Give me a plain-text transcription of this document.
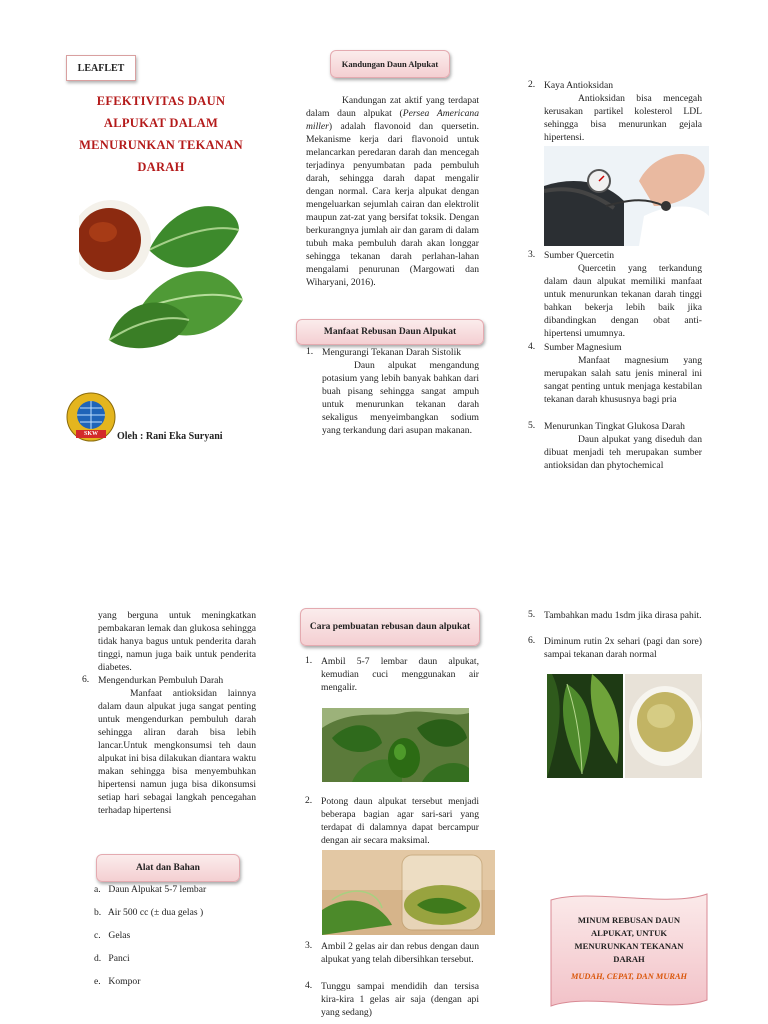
LEAFLET
EFEKTIVITAS DAUN
ALPUKAT DALAM
MENURUNKAN TEKANAN
DARAH
SKW	Oleh : Rani Eka Suryani
Kandungan Daun Alpukat
Kandungan zat aktif yang terdapat dalam daun alpukat (Persea Americana miller) adalah flavonoid dan quersetin. Mekanisme kerja dari flavonoid untuk melancarkan peredaran darah dan mencegah terjadinya penyumbatan pada pembuluh darah, sehingga darah dapat mengalir dengan normal. Cara kerja alpukat dengan mengeluarkan sejumlah cairan dan elektrolit maupun zat-zat yang bersifat toksik. Dengan berkurangnya jumlah air dan garam di dalam tubuh maka pembuluh darah akan longgar sehingga tekanan darah perlahan-lahan mengalami penurunan (Margowati dan Wiharyani, 2016).
Manfaat Rebusan Daun Alpukat
1. Mengurangi Tekanan Darah Sistolik
Daun alpukat mengandung potasium yang lebih banyak bahkan dari buah pisang sehingga sangat ampuh untuk menurunkan tekanan darah sekaligus menyeimbangkan sodium yang terkandung dari asupan makanan.
2. Kaya Antioksidan
Antioksidan bisa mencegah kerusakan partikel kolesterol LDL sehingga bisa menurunkan gejala hipertensi.
3. Sumber Quercetin
Quercetin yang terkandung dalam daun alpukat memiliki manfaat untuk menurunkan tekanan darah tinggi bahkan bekerja lebih baik jika dibandingkan dengan obat anti-hipertensi umumnya.
4. Sumber Magnesium
Manfaat magnesium yang merupakan salah satu jenis mineral ini sangat penting untuk menjaga kestabilan tekanan darah khususnya bagi pria
5. Menurunkan Tingkat Glukosa Darah
Daun alpukat yang diseduh dan dibuat menjadi teh merupakan sumber antioksidan dan phytochemical
yang berguna untuk meningkatkan pembakaran lemak dan glukosa sehingga tidak hanya bagus untuk penderita darah tinggi, namun juga baik untuk penderita diabetes.
6. Mengendurkan Pembuluh Darah
Manfaat antioksidan lainnya dalam daun alpukat juga sangat penting untuk mengendurkan pembuluh darah sehingga aliran darah bisa lebih lancar.Untuk mengkonsumsi teh daun alpukat ini bisa dilakukan diantara waktu makan sehingga bisa menyembuhkan hipertensi namun juga bisa dikonsumsi setiap hari sebagai langkah pencegahan terhadap hipertensi
Alat dan Bahan
a. Daun Alpukat 5-7 lembar
b. Air 500 cc (± dua gelas )
c. Gelas
d. Panci
e. Kompor
Cara pembuatan rebusan daun alpukat
1. Ambil 5-7 lembar daun alpukat, kemudian cuci menggunakan air mengalir.
2. Potong daun alpukat tersebut menjadi beberapa bagian agar sari-sari yang terdapat di dalamnya dapat bercampur dengan air secara maksimal.
3. Ambil 2 gelas air dan rebus dengan daun alpukat yang telah dibersihkan tersebut.
4. Tunggu sampai mendidih dan tersisa kira-kira 1 gelas air saja (dengan api yang sedang)
5. Tambahkan madu 1sdm jika dirasa pahit.
6. Diminum rutin 2x sehari (pagi dan sore) sampai tekanan darah normal
MINUM REBUSAN DAUN ALPUKAT, UNTUK MENURUNKAN TEKANAN DARAH
MUDAH, CEPAT, DAN MURAH
